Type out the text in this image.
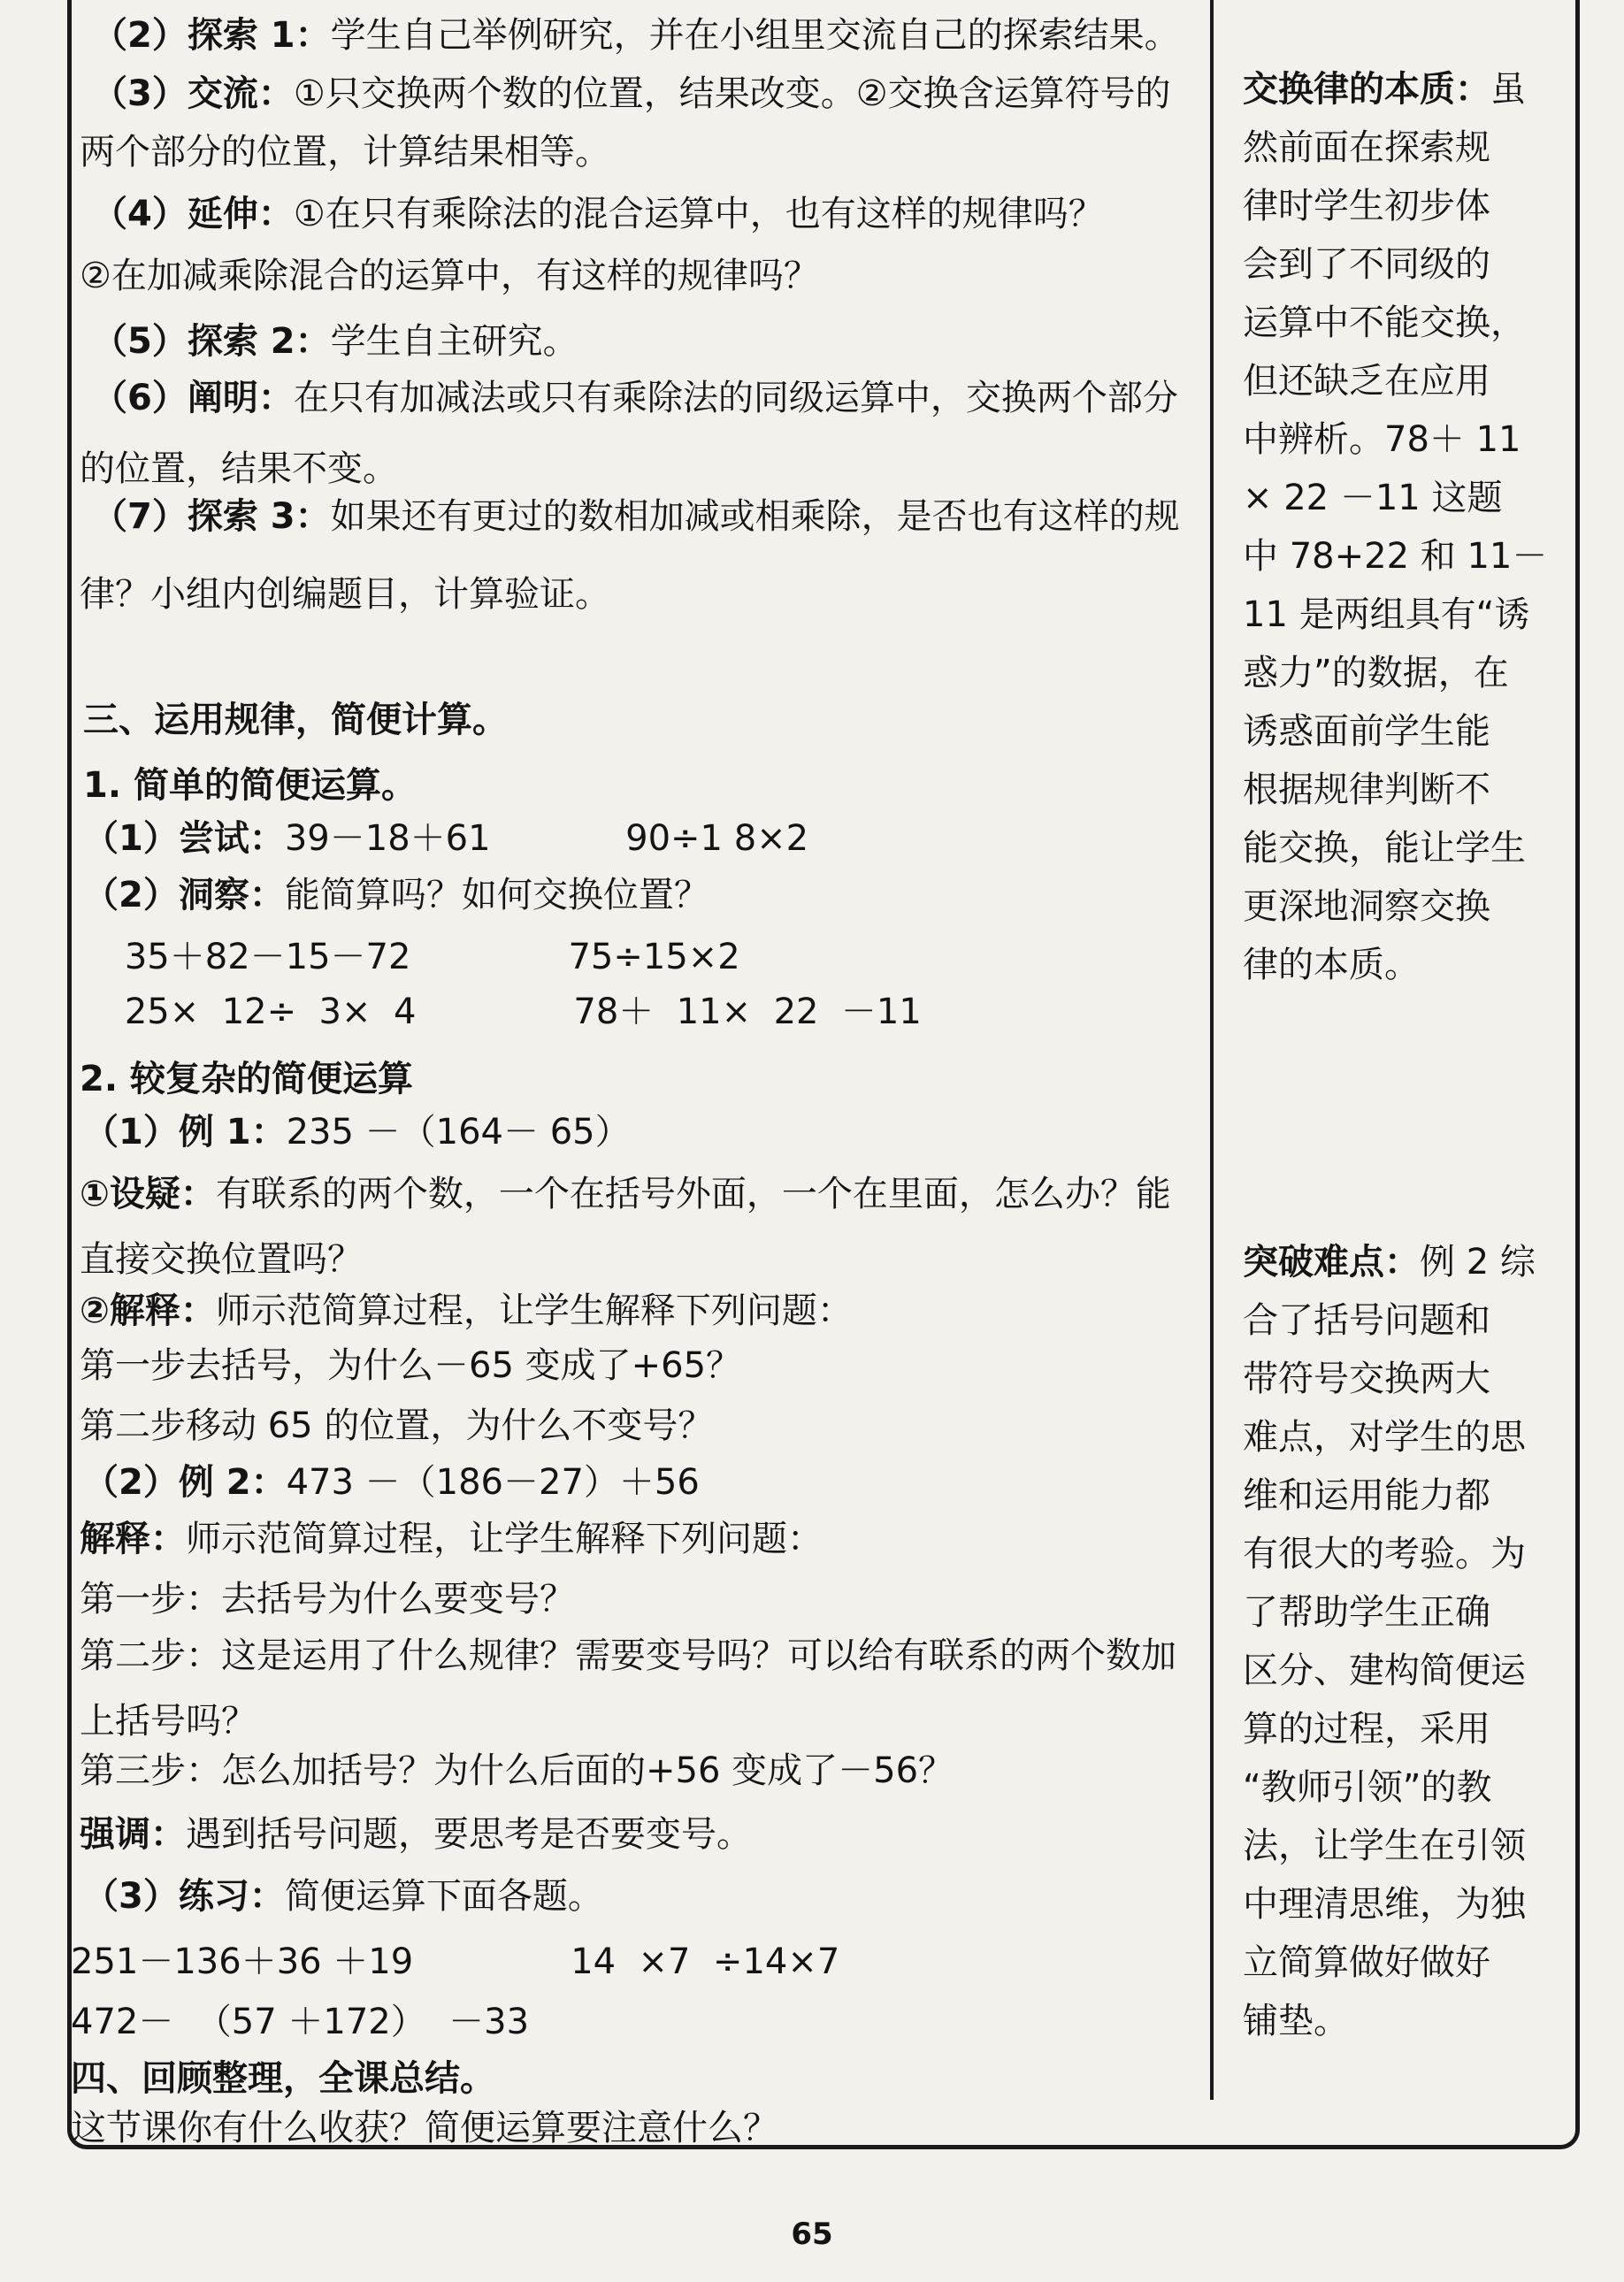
（2）探索 1：学生自己举例研究，并在小组里交流自己的探索结果。
（3）交流：①只交换两个数的位置，结果改变。②交换含运算符号的
两个部分的位置，计算结果相等。
（4）延伸：①在只有乘除法的混合运算中，也有这样的规律吗？
②在加减乘除混合的运算中，有这样的规律吗？
（5）探索 2：学生自主研究。
（6）阐明：在只有加减法或只有乘除法的同级运算中，交换两个部分
的位置，结果不变。
（7）探索 3：如果还有更过的数相加减或相乘除，是否也有这样的规
律？小组内创编题目，计算验证。
三、运用规律，简便计算。
1. 简单的简便运算。
（1）尝试：39－18＋61            90÷1 8×2
（2）洞察：能简算吗？如何交换位置？
35＋82－15－72              75÷15×2
25×  12÷  3×  4              78＋  11×  22  －11
2. 较复杂的简便运算
（1）例 1：235 －（164－ 65）
①设疑：有联系的两个数，一个在括号外面，一个在里面，怎么办？能
直接交换位置吗？
②解释：师示范简算过程，让学生解释下列问题：
第一步去括号，为什么－65 变成了+65？
第二步移动 65 的位置，为什么不变号？
（2）例 2：473 －（186－27）＋56
解释：师示范简算过程，让学生解释下列问题：
第一步：去括号为什么要变号？
第二步：这是运用了什么规律？需要变号吗？可以给有联系的两个数加
上括号吗？
第三步：怎么加括号？为什么后面的+56 变成了－56？
强调：遇到括号问题，要思考是否要变号。
（3）练习：简便运算下面各题。
251－136＋36 ＋19              14  ×7  ÷14×7
472－  （57 ＋172）  －33
四、回顾整理，全课总结。
这节课你有什么收获？简便运算要注意什么？
交换律的本质：虽
然前面在探索规
律时学生初步体
会到了不同级的
运算中不能交换，
但还缺乏在应用
中辨析。78＋ 11
× 22 －11 这题
中 78+22 和 11－
11 是两组具有“诱
惑力”的数据，在
诱惑面前学生能
根据规律判断不
能交换，能让学生
更深地洞察交换
律的本质。
突破难点：例 2 综
合了括号问题和
带符号交换两大
难点，对学生的思
维和运用能力都
有很大的考验。为
了帮助学生正确
区分、建构简便运
算的过程，采用
“教师引领”的教
法，让学生在引领
中理清思维，为独
立简算做好做好
铺垫。
65
